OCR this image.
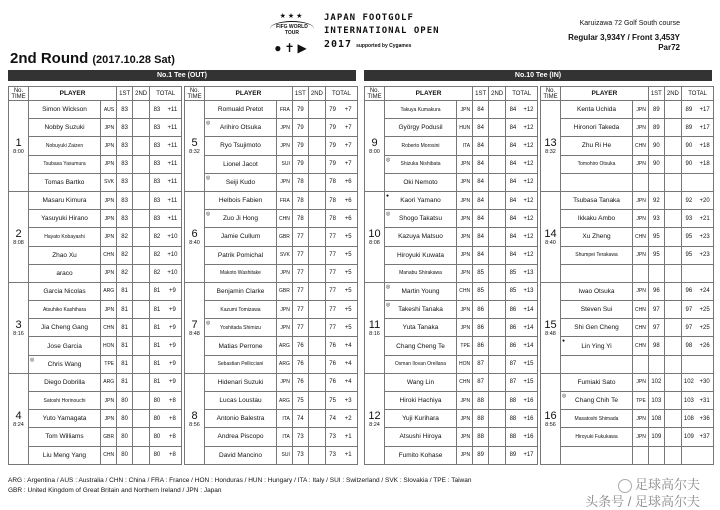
2nd Round (2017.10.28 Sat)
★★★
FIFG WORLD TOUR
●✝▶
JAPAN FOOTGOLF
INTERNATIONAL OPEN
2017 supported by Cygames
Karuizawa 72 Golf South course
Regular 3,934Y / Front 3,453Y
Par72
No.1 Tee (OUT)	No.10 Tee (IN)
No.
TIME	PLAYER		1ST	2ND	TOTAL	

1
8:00	Simon Wickson	AUS	83		83	+11
	Nobby Suzuki	JPN	83		83	+11
	Nobuyuki Zaizen	JPN	83		83	+11
	Tsubasa Yasumura	JPN	83		83	+11
	Tomas Bartko	SVK	83		83	+11

2
8:08	Masaru Kimura	JPN	83		83	+11
	Yasuyuki Hirano	JPN	83		83	+11
	Hayato Kobayashi	JPN	82		82	+10
	Zhao Xu	CHN	82		82	+10
	araco	JPN	82		82	+10

3
8:16	Garcia Nicolas	ARG	81		81	+9
	Atsuhiko Kashihara	JPN	81		81	+9
	Jia Cheng Gang	CHN	81		81	+9
	Jose Garcia	HON	81		81	+9

	◎
Chris Wang	TPE	81		81	+9

4
8:24	Diego Dobrilla	ARG	81		81	+9
	Satoshi Horinouchi	JPN	80		80	+8
	Yuto Yamagata	JPN	80		80	+8
	Tom Williams	GBR	80		80	+8
	Liu Meng Yang	CHN	80		80	+8
No.
TIME	PLAYER		1ST	2ND	TOTAL	

5
8:32	Romuald Pretot	FRA	79		79	+7

	◎
Arihiro Otsuka	JPN	79		79	+7
	Ryo Tsujimoto	JPN	79		79	+7
	Lionel Jacot	SUI	79		79	+7

	◎
Seiji Kudo	JPN	78		78	+6

6
8:40	Helbois Fabien	FRA	78		78	+6

	◎
Zuo Ji Hong	CHN	78		78	+6
	Jamie Cullum	GBR	77		77	+5
	Patrik Pomichal	SVK	77		77	+5
	Makoto Washitake	JPN	77		77	+5

7
8:48	Benjamin Clarke	GBR	77		77	+5
	Kazumi Tomizawa	JPN	77		77	+5

	◎
Yoshitada Shimizu	JPN	77		77	+5
	Matias Perrone	ARG	76		76	+4
	Sebastian Pellicciani	ARG	76		76	+4

8
8:56	Hidenari Suzuki	JPN	76		76	+4
	Lucas Loustau	ARG	75		75	+3
	Antonio Balestra	ITA	74		74	+2
	Andrea Piscopo	ITA	73		73	+1
	David Mancino	SUI	73		73	+1
No.
TIME	PLAYER		1ST	2ND	TOTAL	

9
8:00	Takuya Kumakura	JPN	84		84	+12
	György Podusil	HUN	84		84	+12
	Roberto Morosini	ITA	84		84	+12

	◎
Shizuka Nishibata	JPN	84		84	+12
	Oki Nemoto	JPN	84		84	+12

10
8:08	●
Kaori Yamano	JPN	84		84	+12

	◎
Shogo Takatsu	JPN	84		84	+12
	Kazuya Matsuo	JPN	84		84	+12
	Hiroyuki Kuwata	JPN	84		84	+12
	Manabu Shirakawa	JPN	85		85	+13

11
8:16	◎
Martin Young	CHN	85		85	+13

	◎
Takeshi Tanaka	JPN	86		86	+14
	Yuta Tanaka	JPN	86		86	+14
	Chang Cheng Te	TPE	86		86	+14
	Osman Ilovan Orellana	HON	87		87	+15

12
8:24	Wang Lin	CHN	87		87	+15
	Hiroki Hachiya	JPN	88		88	+16
	Yuji Kurihara	JPN	88		88	+16
	Atsushi Hiroya	JPN	88		88	+16
	Fumito Kohase	JPN	89		89	+17
No.
TIME	PLAYER		1ST	2ND	TOTAL	

13
8:32	Kenta Uchida	JPN	89		89	+17
	Hironori Takeda	JPN	89		89	+17
	Zhu Ri He	CHN	90		90	+18
	Tomohiro Otsuka	JPN	90		90	+18

14
8:40	Tsubasa Tanaka	JPN	92		92	+20
	Ikkaku Ambo	JPN	93		93	+21
	Xu Zheng	CHN	95		95	+23
	Shumpei Terakawa	JPN	95		95	+23

15
8:48	Iwao Otsuka	JPN	96		96	+24
	Steven Sui	CHN	97		97	+25
	Shi Gen Cheng	CHN	97		97	+25

	●
Lin Ying Yi	CHN	98		98	+26

16
8:56	Fumiaki Sato	JPN	102		102	+30

	◎
Chang Chih Te	TPE	103		103	+31
	Masatoshi Shimada	JPN	108		108	+36
	Hiroyuki Fukukawa	JPN	109		109	+37

ARG : Argentina / AUS : Australia / CHN : China / FRA : France / HON : Honduras / HUN : Hungary / ITA : Italy / SUI : Switzerland / SVK : Slovakia / TPE : Taiwan
GBR : United Kingdom of Great Britain and Northern Ireland / JPN : Japan	足球高尔夫
头条号 / 足球高尔夫
